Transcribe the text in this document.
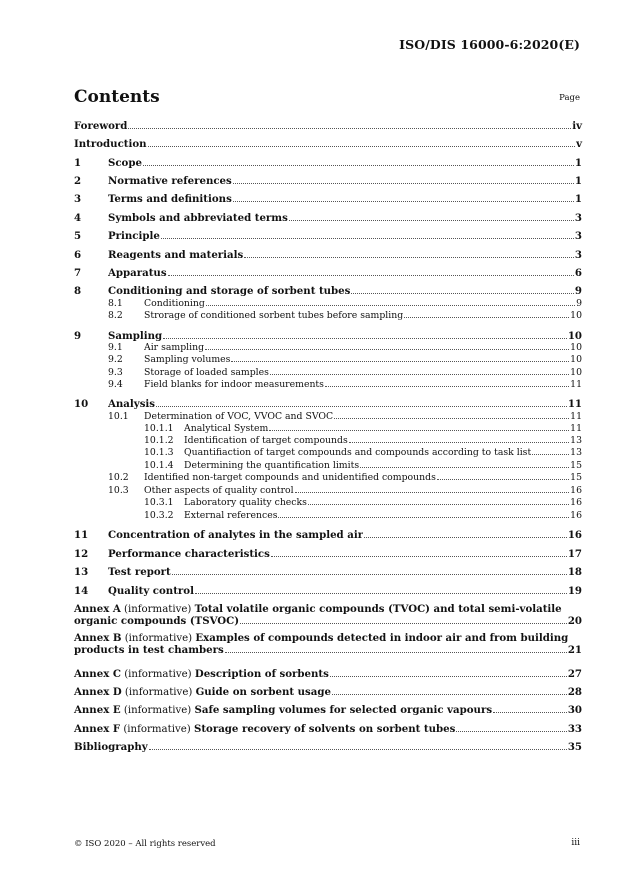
ISO/DIS 16000-6:2020(E)
Contents	Page
Foreword	iv
Introduction	v
1	Scope	1
2	Normative references	1
3	Terms and definitions	1
4	Symbols and abbreviated terms	3
5	Principle	3
6	Reagents and materials	3
7	Apparatus	6
8	Conditioning and storage of sorbent tubes	9
8.1	Conditioning	9
8.2	Strorage of conditioned sorbent tubes before sampling	10
9	Sampling	10
9.1	Air sampling	10
9.2	Sampling volumes	10
9.3	Storage of loaded samples	10
9.4	Field blanks for indoor measurements	11
10	Analysis	11
10.1	Determination of VOC, VVOC and SVOC	11
10.1.1	Analytical System	11
10.1.2	Identification of target compounds	13
10.1.3	Quantifiaction of target compounds and compounds according to task list	13
10.1.4	Determining the quantification limits	15
10.2	Identified non-target compounds and unidentified compounds	15
10.3	Other aspects of quality control	16
10.3.1	Laboratory quality checks	16
10.3.2	External references	16
11	Concentration of analytes in the sampled air	16
12	Performance characteristics	17
13	Test report	18
14	Quality control	19
Annex A (informative) Total volatile organic compounds (TVOC) and total semi-volatile
organic compounds (TSVOC)	20
Annex B (informative) Examples of compounds detected in indoor air and from building
products in test chambers	21
Annex C (informative) Description of sorbents	27
Annex D (informative) Guide on sorbent usage	28
Annex E (informative) Safe sampling volumes for selected organic vapours	30
Annex F (informative) Storage recovery of solvents on sorbent tubes	33
Bibliography	35
© ISO 2020 – All rights reserved	iii
